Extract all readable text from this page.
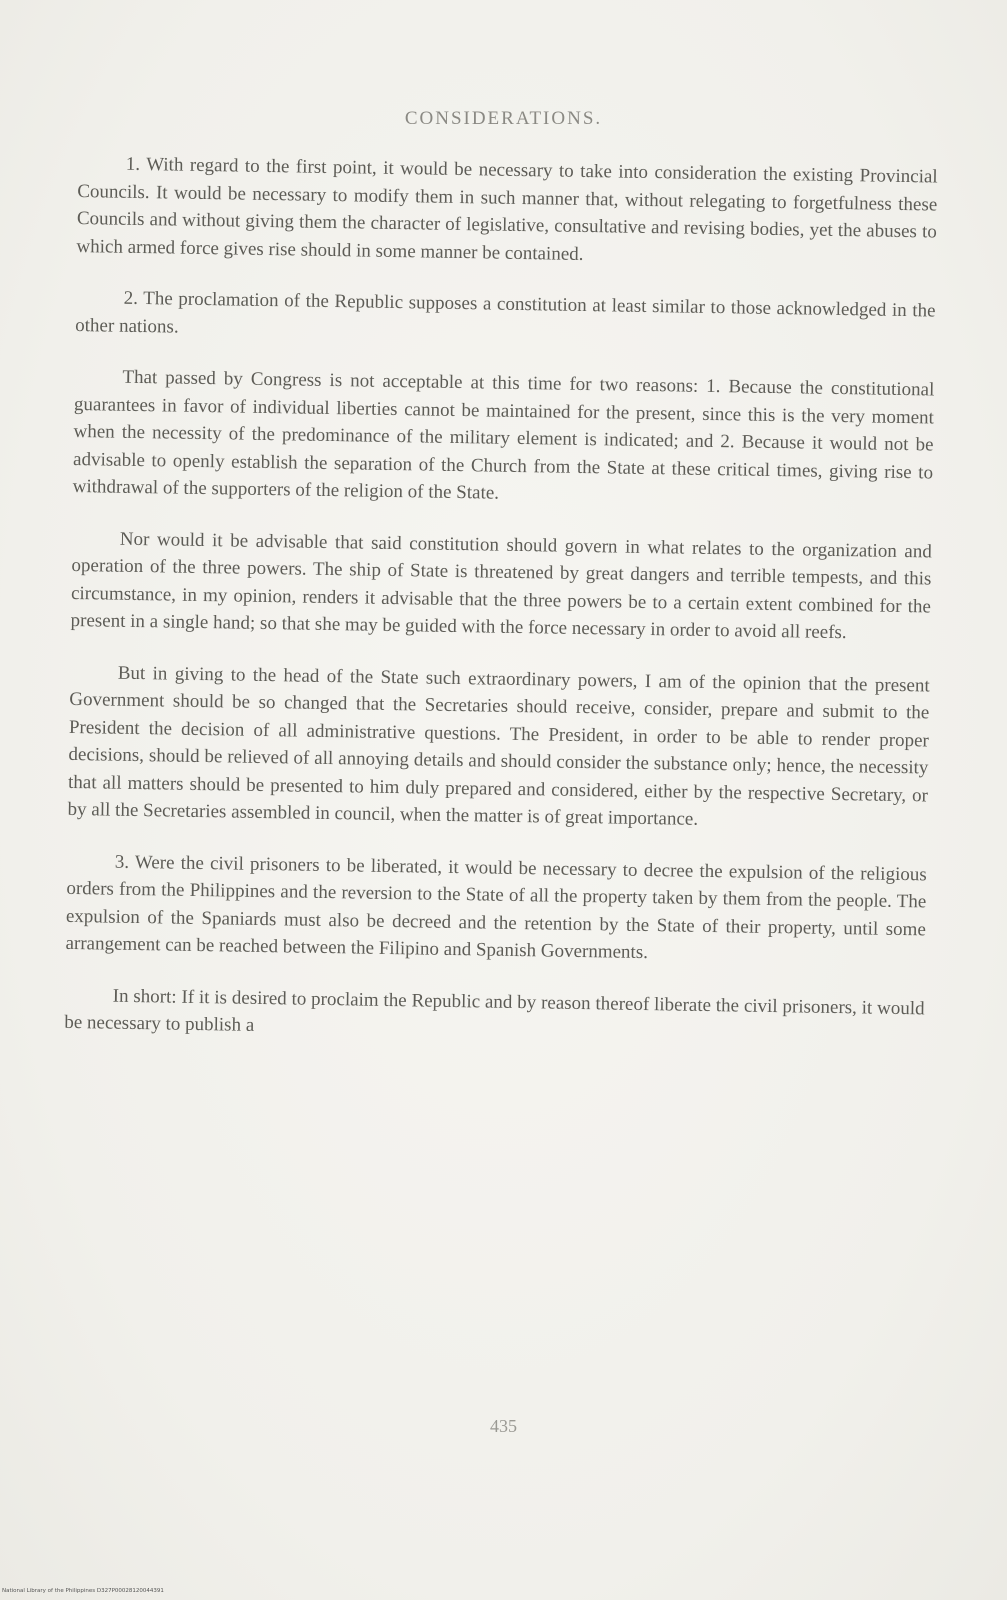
CONSIDERATIONS.

1. With regard to the first point, it would be necessary to take into consideration the existing Provincial Councils. It would be necessary to modify them in such manner that, without relegating to forgetfulness these Councils and without giving them the character of legislative, consultative and revising bodies, yet the abuses to which armed force gives rise should in some manner be contained.

2. The proclamation of the Republic supposes a constitution at least similar to those acknowledged in the other nations.

That passed by Congress is not acceptable at this time for two reasons: 1. Because the constitutional guarantees in favor of individual liberties cannot be maintained for the present, since this is the very moment when the necessity of the predominance of the military element is indicated; and 2. Because it would not be advisable to openly establish the separation of the Church from the State at these critical times, giving rise to withdrawal of the supporters of the religion of the State.

Nor would it be advisable that said constitution should govern in what relates to the organization and operation of the three powers. The ship of State is threatened by great dangers and terrible tempests, and this circumstance, in my opinion, renders it advisable that the three powers be to a certain extent combined for the present in a single hand; so that she may be guided with the force necessary in order to avoid all reefs.

But in giving to the head of the State such extraordinary powers, I am of the opinion that the present Government should be so changed that the Secretaries should receive, consider, prepare and submit to the President the decision of all administrative questions. The President, in order to be able to render proper decisions, should be relieved of all annoying details and should consider the substance only; hence, the necessity that all matters should be presented to him duly prepared and considered, either by the respective Secretary, or by all the Secretaries assembled in council, when the matter is of great importance.

3. Were the civil prisoners to be liberated, it would be necessary to decree the expulsion of the religious orders from the Philippines and the reversion to the State of all the property taken by them from the people. The expulsion of the Spaniards must also be decreed and the retention by the State of their property, until some arrangement can be reached between the Filipino and Spanish Governments.

In short: If it is desired to proclaim the Republic and by reason thereof liberate the civil prisoners, it would be necessary to publish a

435
National Library of the Philippines D327P00028120044391
